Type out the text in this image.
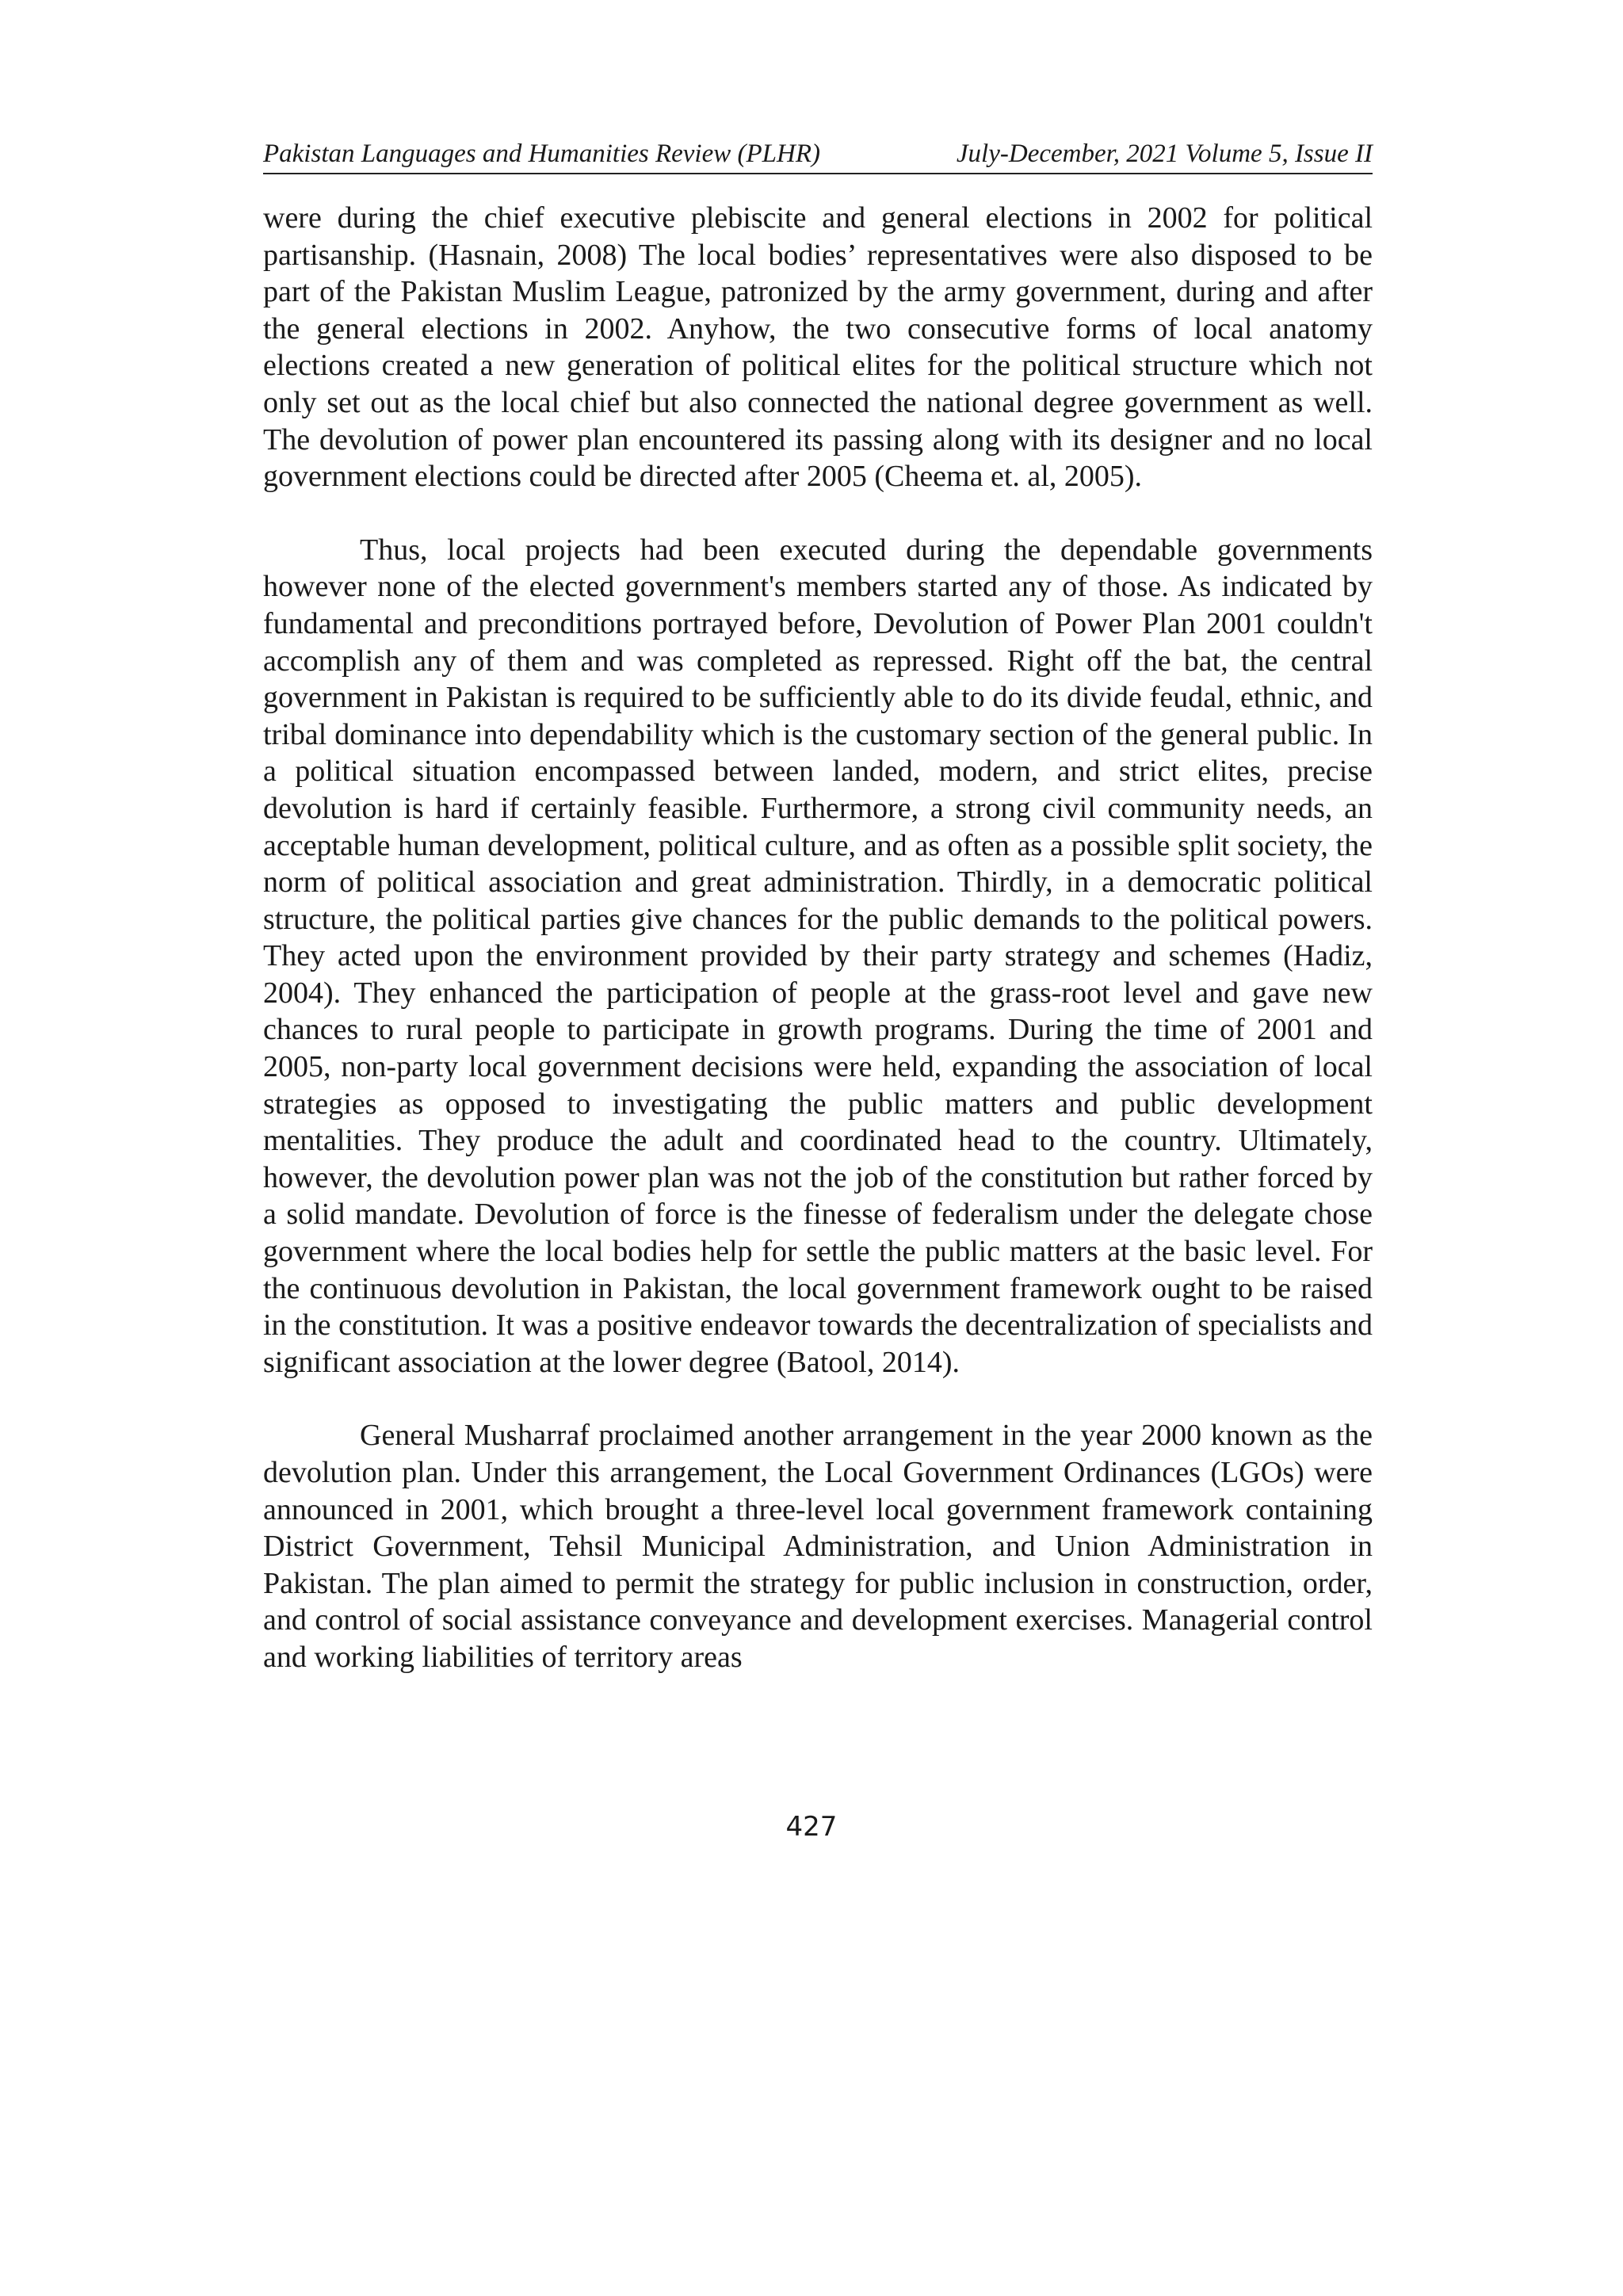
Pakistan Languages and Humanities Review (PLHR)	July-December, 2021 Volume 5, Issue II

were during the chief executive plebiscite and general elections in 2002 for political partisanship. (Hasnain, 2008) The local bodies’ representatives were also disposed to be part of the Pakistan Muslim League, patronized by the army government, during and after the general elections in 2002. Anyhow, the two consecutive forms of local anatomy elections created a new generation of political elites for the political structure which not only set out as the local chief but also connected the national degree government as well. The devolution of power plan encountered its passing along with its designer and no local government elections could be directed after 2005 (Cheema et. al, 2005).

Thus, local projects had been executed during the dependable governments however none of the elected government's members started any of those. As indicated by fundamental and preconditions portrayed before, Devolution of Power Plan 2001 couldn't accomplish any of them and was completed as repressed. Right off the bat, the central government in Pakistan is required to be sufficiently able to do its divide feudal, ethnic, and tribal dominance into dependability which is the customary section of the general public. In a political situation encompassed between landed, modern, and strict elites, precise devolution is hard if certainly feasible. Furthermore, a strong civil community needs, an acceptable human development, political culture, and as often as a possible split society, the norm of political association and great administration. Thirdly, in a democratic political structure, the political parties give chances for the public demands to the political powers. They acted upon the environment provided by their party strategy and schemes (Hadiz, 2004). They enhanced the participation of people at the grass-root level and gave new chances to rural people to participate in growth programs. During the time of 2001 and 2005, non-party local government decisions were held, expanding the association of local strategies as opposed to investigating the public matters and public development mentalities. They produce the adult and coordinated head to the country. Ultimately, however, the devolution power plan was not the job of the constitution but rather forced by a solid mandate. Devolution of force is the finesse of federalism under the delegate chose government where the local bodies help for settle the public matters at the basic level. For the continuous devolution in Pakistan, the local government framework ought to be raised in the constitution. It was a positive endeavor towards the decentralization of specialists and significant association at the lower degree (Batool, 2014).

General Musharraf proclaimed another arrangement in the year 2000 known as the devolution plan. Under this arrangement, the Local Government Ordinances (LGOs) were announced in 2001, which brought a three-level local government framework containing District Government, Tehsil Municipal Administration, and Union Administration in Pakistan. The plan aimed to permit the strategy for public inclusion in construction, order, and control of social assistance conveyance and development exercises. Managerial control and working liabilities of territory areas

427
